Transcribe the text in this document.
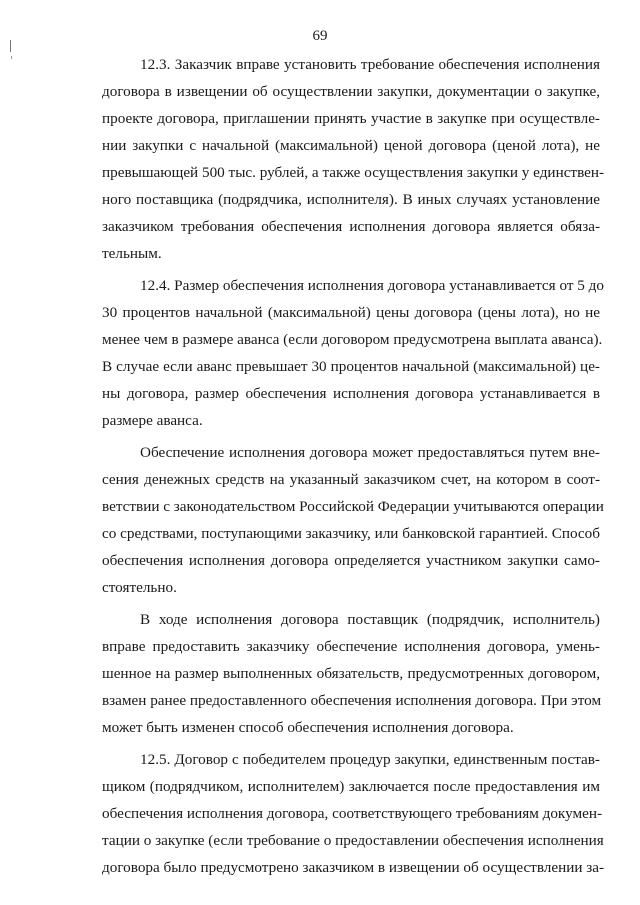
69
12.3. Заказчик вправе установить требование обеспечения исполнения
договора в извещении об осуществлении закупки, документации о закупке,
проекте договора, приглашении принять участие в закупке при осуществле-
нии закупки с начальной (максимальной) ценой договора (ценой лота), не
превышающей 500 тыс. рублей, а также осуществления закупки у единствен-
ного поставщика (подрядчика, исполнителя). В иных случаях установление
заказчиком требования обеспечения исполнения договора является обяза-
тельным.
12.4. Размер обеспечения исполнения договора устанавливается от 5 до
30 процентов начальной (максимальной) цены договора (цены лота), но не
менее чем в размере аванса (если договором предусмотрена выплата аванса).
В случае если аванс превышает 30 процентов начальной (максимальной) це-
ны договора, размер обеспечения исполнения договора устанавливается в
размере аванса.
Обеспечение исполнения договора может предоставляться путем вне-
сения денежных средств на указанный заказчиком счет, на котором в соот-
ветствии с законодательством Российской Федерации учитываются операции
со средствами, поступающими заказчику, или банковской гарантией. Способ
обеспечения исполнения договора определяется участником закупки само-
стоятельно.
В ходе исполнения договора поставщик (подрядчик, исполнитель)
вправе предоставить заказчику обеспечение исполнения договора, умень-
шенное на размер выполненных обязательств, предусмотренных договором,
взамен ранее предоставленного обеспечения исполнения договора. При этом
может быть изменен способ обеспечения исполнения договора.
12.5. Договор с победителем процедур закупки, единственным постав-
щиком (подрядчиком, исполнителем) заключается после предоставления им
обеспечения исполнения договора, соответствующего требованиям докумен-
тации о закупке (если требование о предоставлении обеспечения исполнения
договора было предусмотрено заказчиком в извещении об осуществлении за-
